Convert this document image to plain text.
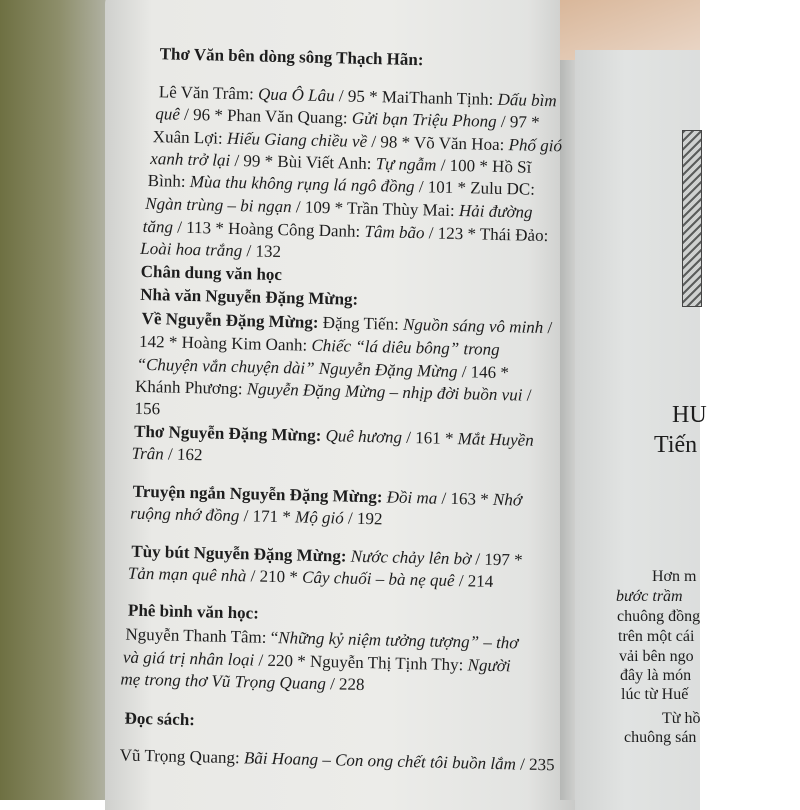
Thơ Văn bên dòng sông Thạch Hãn:
Lê Văn Trâm: Qua Ô Lâu / 95 * MaiThanh Tịnh: Dấu bìm
quê / 96 * Phan Văn Quang: Gửi bạn Triệu Phong / 97 *
Xuân Lợi: Hiếu Giang chiều về / 98 * Võ Văn Hoa: Phố gió
xanh trở lại / 99 * Bùi Viết Anh: Tự ngẫm / 100 * Hồ Sĩ
Bình: Mùa thu không rụng lá ngô đồng / 101 * Zulu DC:
Ngàn trùng – bi ngạn / 109 * Trần Thùy Mai: Hải đường
tăng / 113 * Hoàng Công Danh: Tâm bão / 123 * Thái Đảo:
Loài hoa trắng / 132
Chân dung văn học
Nhà văn Nguyễn Đặng Mừng:
Về Nguyễn Đặng Mừng: Đặng Tiến: Nguồn sáng vô minh /
142 * Hoàng Kim Oanh: Chiếc “lá diêu bông” trong
“Chuyện vắn chuyện dài” Nguyễn Đặng Mừng / 146 *
Khánh Phương: Nguyễn Đặng Mừng – nhịp đời buồn vui /
156
Thơ Nguyễn Đặng Mừng: Quê hương / 161 * Mắt Huyền
Trân / 162
Truyện ngắn Nguyễn Đặng Mừng: Đồi ma / 163 * Nhớ
ruộng nhớ đồng / 171 * Mộ gió / 192
Tùy bút Nguyễn Đặng Mừng: Nước chảy lên bờ / 197 *
Tản mạn quê nhà / 210 * Cây chuối – bà nẹ quê / 214
Phê bình văn học:
Nguyễn Thanh Tâm: “Những kỷ niệm tưởng tượng” – thơ
và giá trị nhân loại / 220 * Nguyễn Thị Tịnh Thy: Người
mẹ trong thơ Vũ Trọng Quang / 228
Đọc sách:
Vũ Trọng Quang: Bãi Hoang – Con ong chết tôi buồn lắm / 235
HU
Tiến
Hơn m
bước trầm
chuông đồng
trên một cái
vải bên ngo
đây là món
lúc từ Huế
Từ hồ
chuông sán
